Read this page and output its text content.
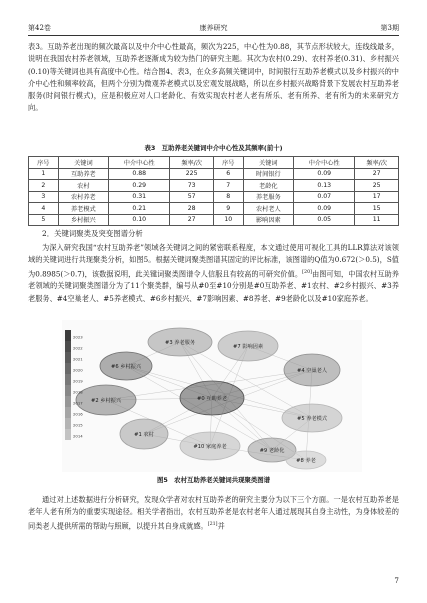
第42卷	康养研究	第3期

表3。互助养老出现的频次最高以及中介中心性最高，频次为225，中心性为0.88，其节点形状较大，连线线最多，说明在我国农村养老领域，互助养老逐渐成为较为热门的研究主题。其次为农村(0.29)、农村养老(0.31)、乡村振兴(0.10)等关键词也具有高度中心性。结合图4、表3，在众多高频关键词中，时间银行互助养老模式以及乡村振兴的中介中心性和频率较高，但两个分别为微观养老模式以及宏观发展战略，所以在乡村振兴战略背景下发展农村互助养老服务(时间银行模式)，应是积极应对人口老龄化、有效实现农村老人老有所乐、老有所养、老有所为的未来研究方向。

表3　互助养老关键词中介中心性及其频率(前十)
序号	关键词	中介中心性	频率/次	序号	关键词	中介中心性	频率/次
1	互助养老	0.88	225	6	时间银行	0.09	27
2	农村	0.29	73	7	老龄化	0.13	25
3	农村养老	0.31	57	8	养老服务	0.07	17
4	养老模式	0.21	28	9	农村老人	0.09	15
5	乡村振兴	0.10	27	10	影响因素	0.05	11

2．关键词聚类及突变图谱分析

为深入研究我国“农村互助养老”领域各关键词之间的紧密联系程度，本文通过使用可视化工具的LLR算法对该领域的关键词进行共现聚类分析，如图5。根据关键词聚类图谱其固定的评比标准，该图谱的Q值为0.672(＞0.5)，S值为0.8985(＞0.7)，该数据说明，此关键词聚类图谱令人信服且有较高的可研究价值。[20]由图可知，中国农村互助养老领域的关键词聚类图谱分为了11个聚类群，编号从#0至#10分别是#0互助养老、#1农村、#2乡村振兴、#3养老服务、#4空巢老人、#5养老模式、#6乡村振兴、#7影响因素、#8养老、#9老龄化以及#10家庭养老。

#3 养老服务
#7 影响因素
#4 空巢老人
#6 乡村振兴
#2 乡村振兴	#0 互助养老
#5 养老模式
#1 农村
#10 家庭养老
#9 老龄化
#8 养老
2023
2022
2021
2020
2019
2018
2017
2016
2015
2014
图5　农村互助养老关键词共现聚类图谱

通过对上述数据进行分析研究，发现众学者对农村互助养老的研究主要分为以下三个方面。一是农村互助养老是老年人老有所为的重要实现途径。相关学者指出，农村互助养老是农村老年人通过展现其自身主动性，为身体较差的同类老人提供所需的帮助与照顾，以提升其自身成就感。[21]并

7
